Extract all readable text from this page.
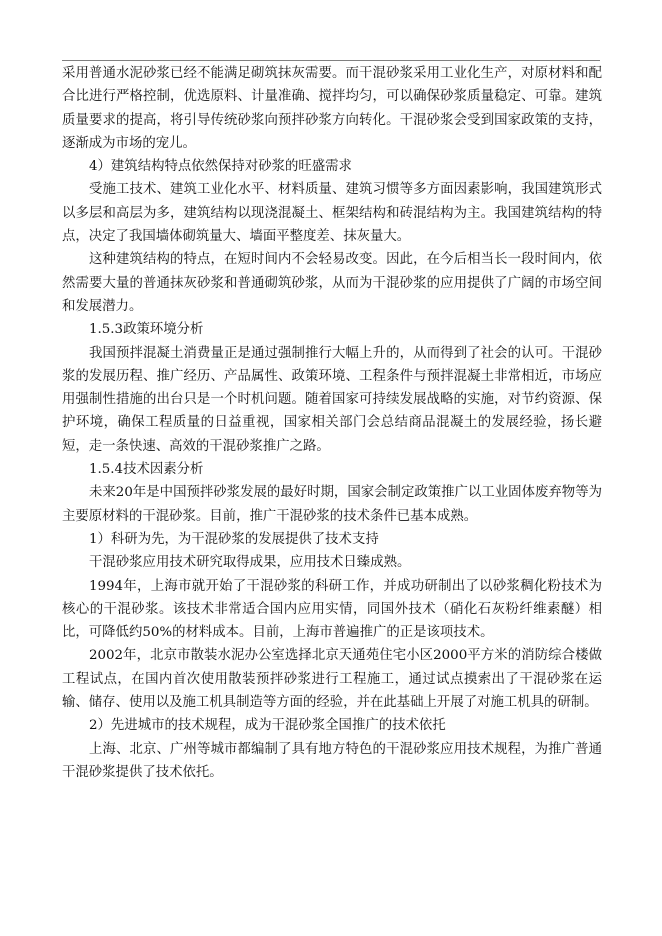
采用普通水泥砂浆已经不能满足砌筑抹灰需要。而干混砂浆采用工业化生产，对原材料和配合比进行严格控制，优选原料、计量准确、搅拌均匀，可以确保砂浆质量稳定、可靠。建筑质量要求的提高，将引导传统砂浆向预拌砂浆方向转化。干混砂浆会受到国家政策的支持，逐渐成为市场的宠儿。

4）建筑结构特点依然保持对砂浆的旺盛需求

受施工技术、建筑工业化水平、材料质量、建筑习惯等多方面因素影响，我国建筑形式以多层和高层为多，建筑结构以现浇混凝土、框架结构和砖混结构为主。我国建筑结构的特点，决定了我国墙体砌筑量大、墙面平整度差、抹灰量大。

这种建筑结构的特点，在短时间内不会轻易改变。因此，在今后相当长一段时间内，依然需要大量的普通抹灰砂浆和普通砌筑砂浆，从而为干混砂浆的应用提供了广阔的市场空间和发展潜力。

1.5.3政策环境分析

我国预拌混凝土消费量正是通过强制推行大幅上升的，从而得到了社会的认可。干混砂浆的发展历程、推广经历、产品属性、政策环境、工程条件与预拌混凝土非常相近，市场应用强制性措施的出台只是一个时机问题。随着国家可持续发展战略的实施，对节约资源、保护环境，确保工程质量的日益重视，国家相关部门会总结商品混凝土的发展经验，扬长避短，走一条快速、高效的干混砂浆推广之路。

1.5.4技术因素分析

未来20年是中国预拌砂浆发展的最好时期，国家会制定政策推广以工业固体废弃物等为主要原材料的干混砂浆。目前，推广干混砂浆的技术条件已基本成熟。

1）科研为先，为干混砂浆的发展提供了技术支持

干混砂浆应用技术研究取得成果，应用技术日臻成熟。

1994年，上海市就开始了干混砂浆的科研工作，并成功研制出了以砂浆稠化粉技术为核心的干混砂浆。该技术非常适合国内应用实情，同国外技术（硝化石灰粉纤维素醚）相比，可降低约50%的材料成本。目前，上海市普遍推广的正是该项技术。

2002年，北京市散装水泥办公室选择北京天通苑住宅小区2000平方米的消防综合楼做工程试点，在国内首次使用散装预拌砂浆进行工程施工，通过试点摸索出了干混砂浆在运输、储存、使用以及施工机具制造等方面的经验，并在此基础上开展了对施工机具的研制。

2）先进城市的技术规程，成为干混砂浆全国推广的技术依托

上海、北京、广州等城市都编制了具有地方特色的干混砂浆应用技术规程，为推广普通干混砂浆提供了技术依托。
